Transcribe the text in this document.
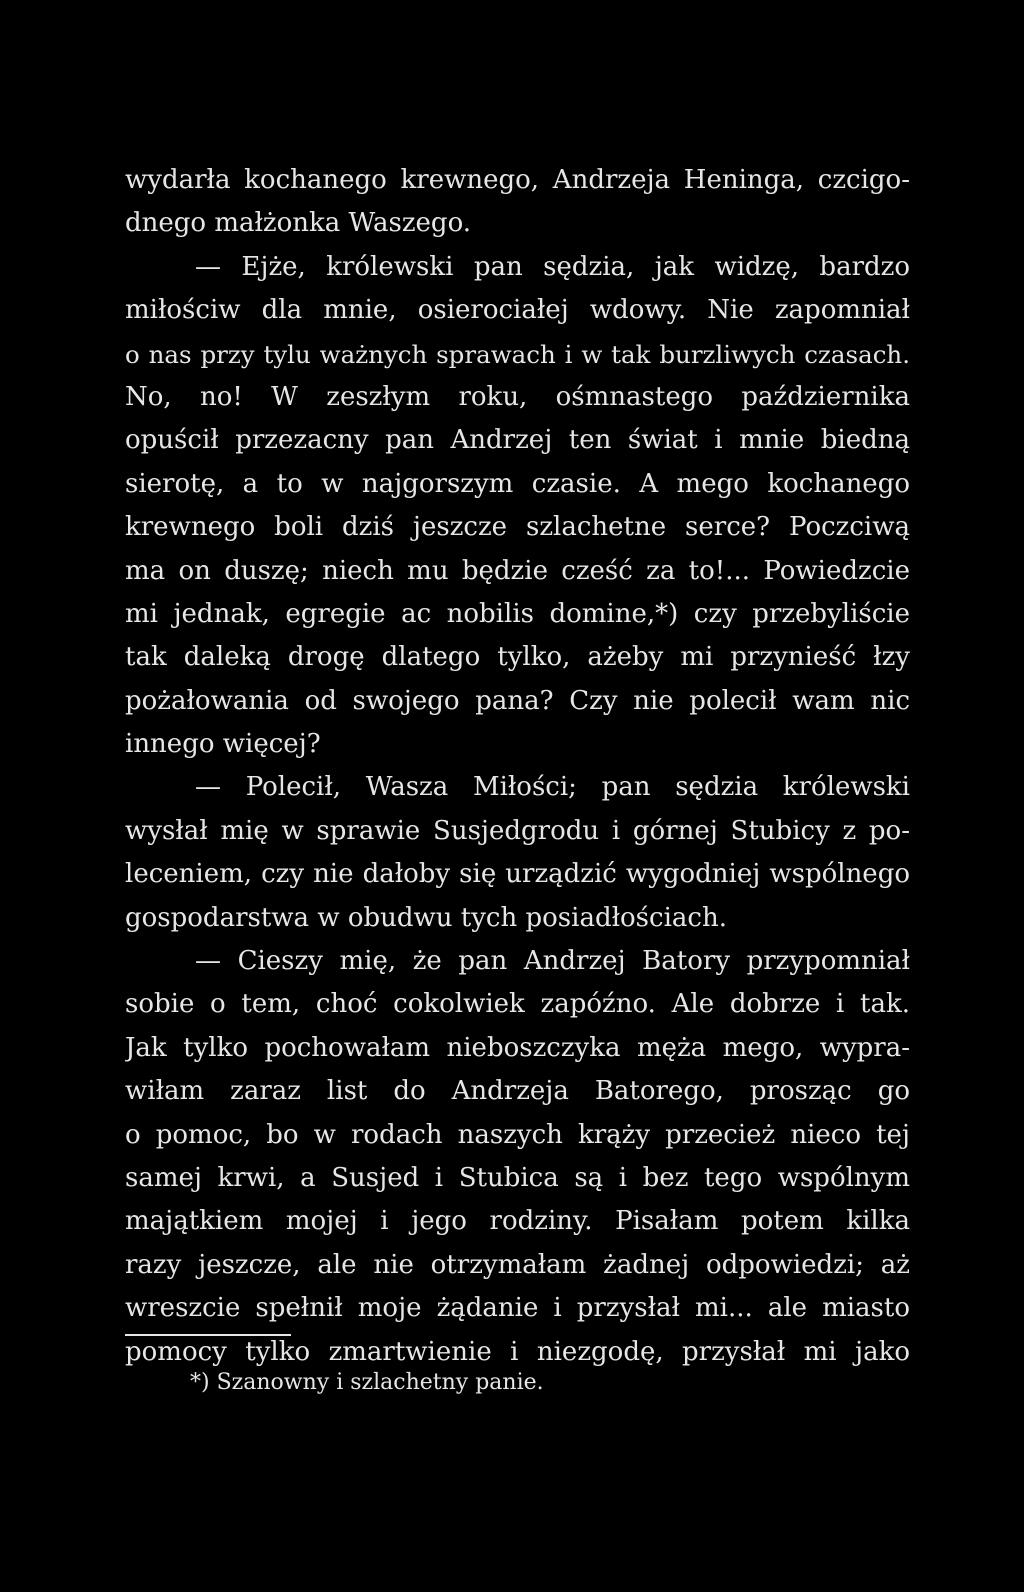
wydarła kochanego krewnego, Andrzeja Heninga, czcigo-
dnego małżonka Waszego.
— Ejże, królewski pan sędzia, jak widzę, bardzo
miłościw dla mnie, osierociałej wdowy. Nie zapomniał
o nas przy tylu ważnych sprawach i w tak burzliwych czasach.
No, no! W zeszłym roku, ośmnastego października
opuścił przezacny pan Andrzej ten świat i mnie biedną
sierotę, a to w najgorszym czasie. A mego kochanego
krewnego boli dziś jeszcze szlachetne serce? Poczciwą
ma on duszę; niech mu będzie cześć za to!... Powiedzcie
mi jednak, egregie ac nobilis domine,*) czy przebyliście
tak daleką drogę dlatego tylko, ażeby mi przynieść łzy
pożałowania od swojego pana? Czy nie polecił wam nic
innego więcej?
— Polecił, Wasza Miłości; pan sędzia królewski
wysłał mię w sprawie Susjedgrodu i górnej Stubicy z po-
leceniem, czy nie dałoby się urządzić wygodniej wspólnego
gospodarstwa w obudwu tych posiadłościach.
— Cieszy mię, że pan Andrzej Batory przypomniał
sobie o tem, choć cokolwiek zapóźno. Ale dobrze i tak.
Jak tylko pochowałam nieboszczyka męża mego, wypra-
wiłam zaraz list do Andrzeja Batorego, prosząc go
o pomoc, bo w rodach naszych krąży przecież nieco tej
samej krwi, a Susjed i Stubica są i bez tego wspólnym
majątkiem mojej i jego rodziny. Pisałam potem kilka
razy jeszcze, ale nie otrzymałam żadnej odpowiedzi; aż
wreszcie spełnił moje żądanie i przysłał mi... ale miasto
pomocy tylko zmartwienie i niezgodę, przysłał mi jako
*) Szanowny i szlachetny panie.
